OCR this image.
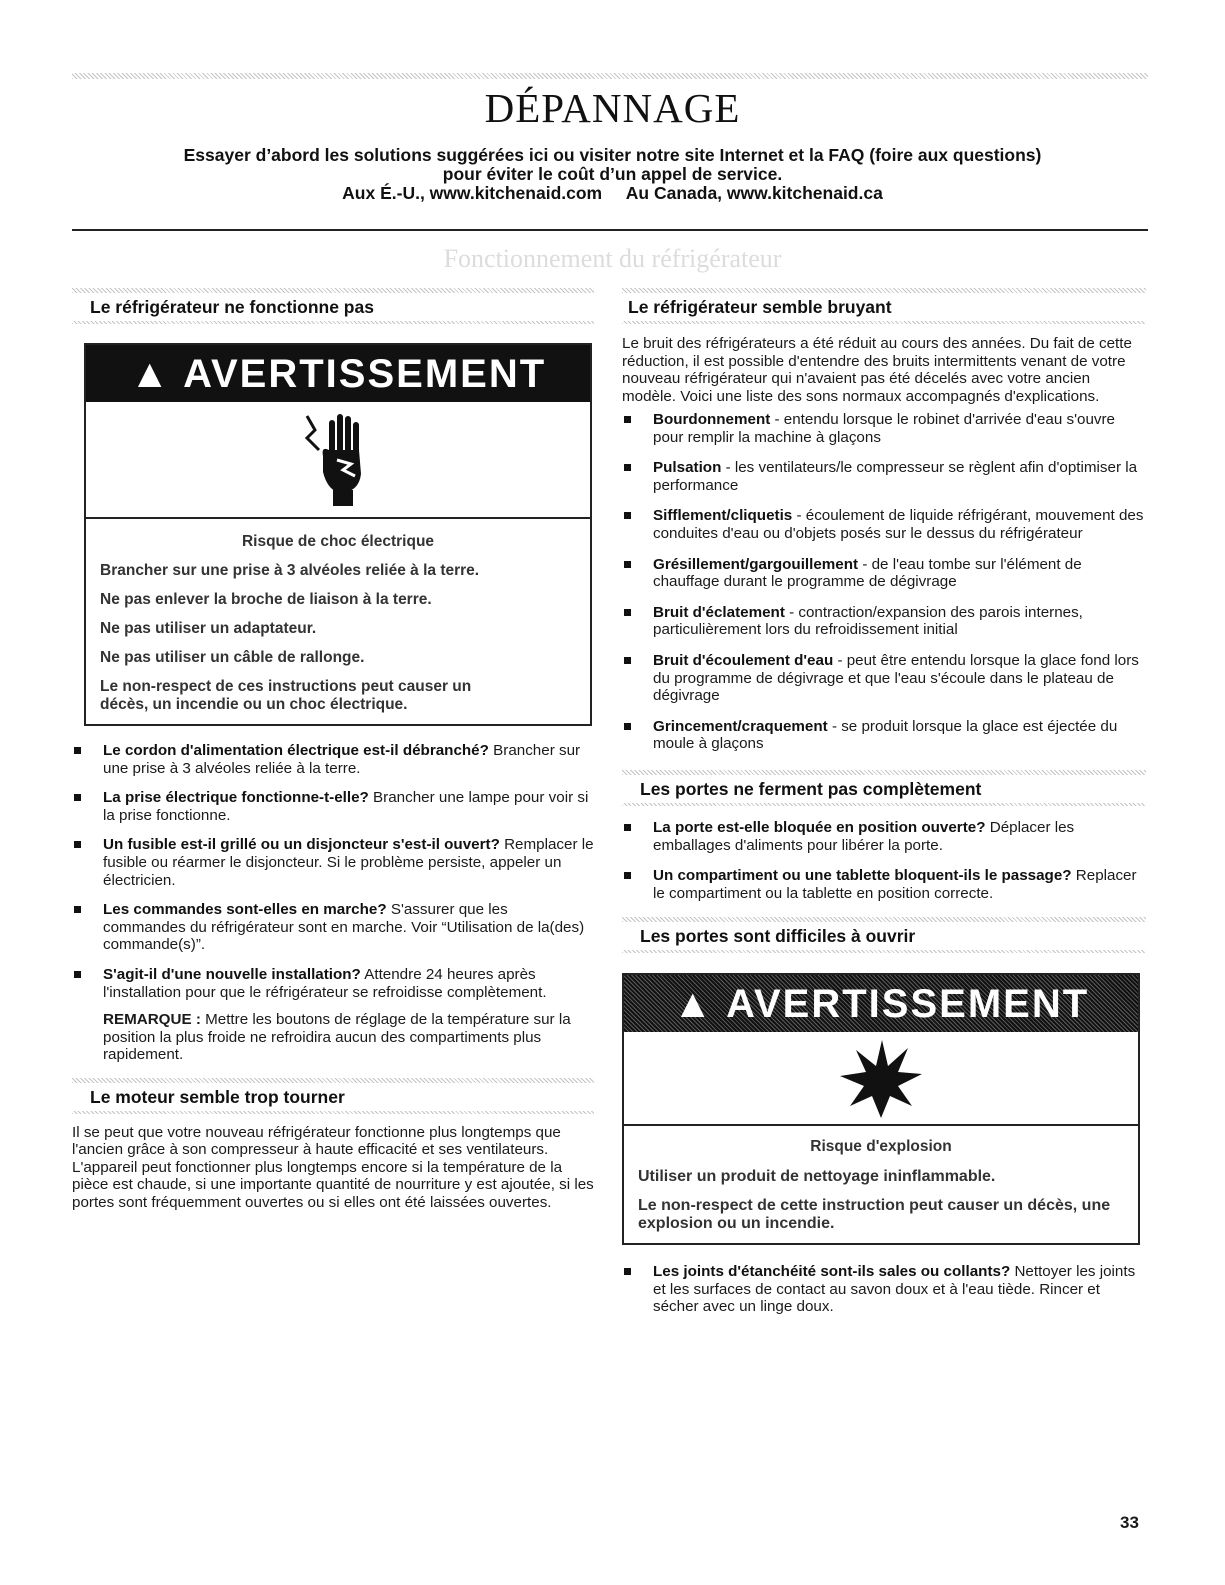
DÉPANNAGE
Essayer d’abord les solutions suggérées ici ou visiter notre site Internet et la FAQ (foire aux questions)
pour éviter le coût d’un appel de service.
Aux É.-U., www.kitchenaid.com     Au Canada, www.kitchenaid.ca
Fonctionnement du réfrigérateur
Le réfrigérateur ne fonctionne pas
▲ AVERTISSEMENT
Risque de choc électrique
Brancher sur une prise à 3 alvéoles reliée à la terre.
Ne pas enlever la broche de liaison à la terre.
Ne pas utiliser un adaptateur.
Ne pas utiliser un câble de rallonge.
Le non-respect de ces instructions peut causer un décès, un incendie ou un choc électrique.
Le cordon d'alimentation électrique est-il débranché? Brancher sur une prise à 3 alvéoles reliée à la terre.
La prise électrique fonctionne-t-elle? Brancher une lampe pour voir si la prise fonctionne.
Un fusible est-il grillé ou un disjoncteur s'est-il ouvert? Remplacer le fusible ou réarmer le disjoncteur. Si le problème persiste, appeler un électricien.
Les commandes sont-elles en marche? S'assurer que les commandes du réfrigérateur sont en marche. Voir “Utilisation de la(des) commande(s)”.
S'agit-il d'une nouvelle installation? Attendre 24 heures après l'installation pour que le réfrigérateur se refroidisse complètement.

REMARQUE : Mettre les boutons de réglage de la température sur la position la plus froide ne refroidira aucun des compartiments plus rapidement.

Le moteur semble trop tourner

Il se peut que votre nouveau réfrigérateur fonctionne plus longtemps que l'ancien grâce à son compresseur à haute efficacité et ses ventilateurs. L'appareil peut fonctionner plus longtemps encore si la température de la pièce est chaude, si une importante quantité de nourriture y est ajoutée, si les portes sont fréquemment ouvertes ou si elles ont été laissées ouvertes.

Le réfrigérateur semble bruyant

Le bruit des réfrigérateurs a été réduit au cours des années. Du fait de cette réduction, il est possible d'entendre des bruits intermittents venant de votre nouveau réfrigérateur qui n'avaient pas été décelés avec votre ancien modèle. Voici une liste des sons normaux accompagnés d'explications.

Bourdonnement - entendu lorsque le robinet d'arrivée d'eau s'ouvre pour remplir la machine à glaçons
Pulsation - les ventilateurs/le compresseur se règlent afin d'optimiser la performance
Sifflement/cliquetis - écoulement de liquide réfrigérant, mouvement des conduites d'eau ou d'objets posés sur le dessus du réfrigérateur
Grésillement/gargouillement - de l'eau tombe sur l'élément de chauffage durant le programme de dégivrage
Bruit d'éclatement - contraction/expansion des parois internes, particulièrement lors du refroidissement initial
Bruit d'écoulement d'eau - peut être entendu lorsque la glace fond lors du programme de dégivrage et que l'eau s'écoule dans le plateau de dégivrage
Grincement/craquement - se produit lorsque la glace est éjectée du moule à glaçons
Les portes ne ferment pas complètement
La porte est-elle bloquée en position ouverte? Déplacer les emballages d'aliments pour libérer la porte.
Un compartiment ou une tablette bloquent-ils le passage? Replacer le compartiment ou la tablette en position correcte.
Les portes sont difficiles à ouvrir
▲ AVERTISSEMENT
Risque d'explosion
Utiliser un produit de nettoyage ininflammable.
Le non-respect de cette instruction peut causer un décès, une explosion ou un incendie.
Les joints d'étanchéité sont-ils sales ou collants? Nettoyer les joints et les surfaces de contact au savon doux et à l'eau tiède. Rincer et sécher avec un linge doux.
33
